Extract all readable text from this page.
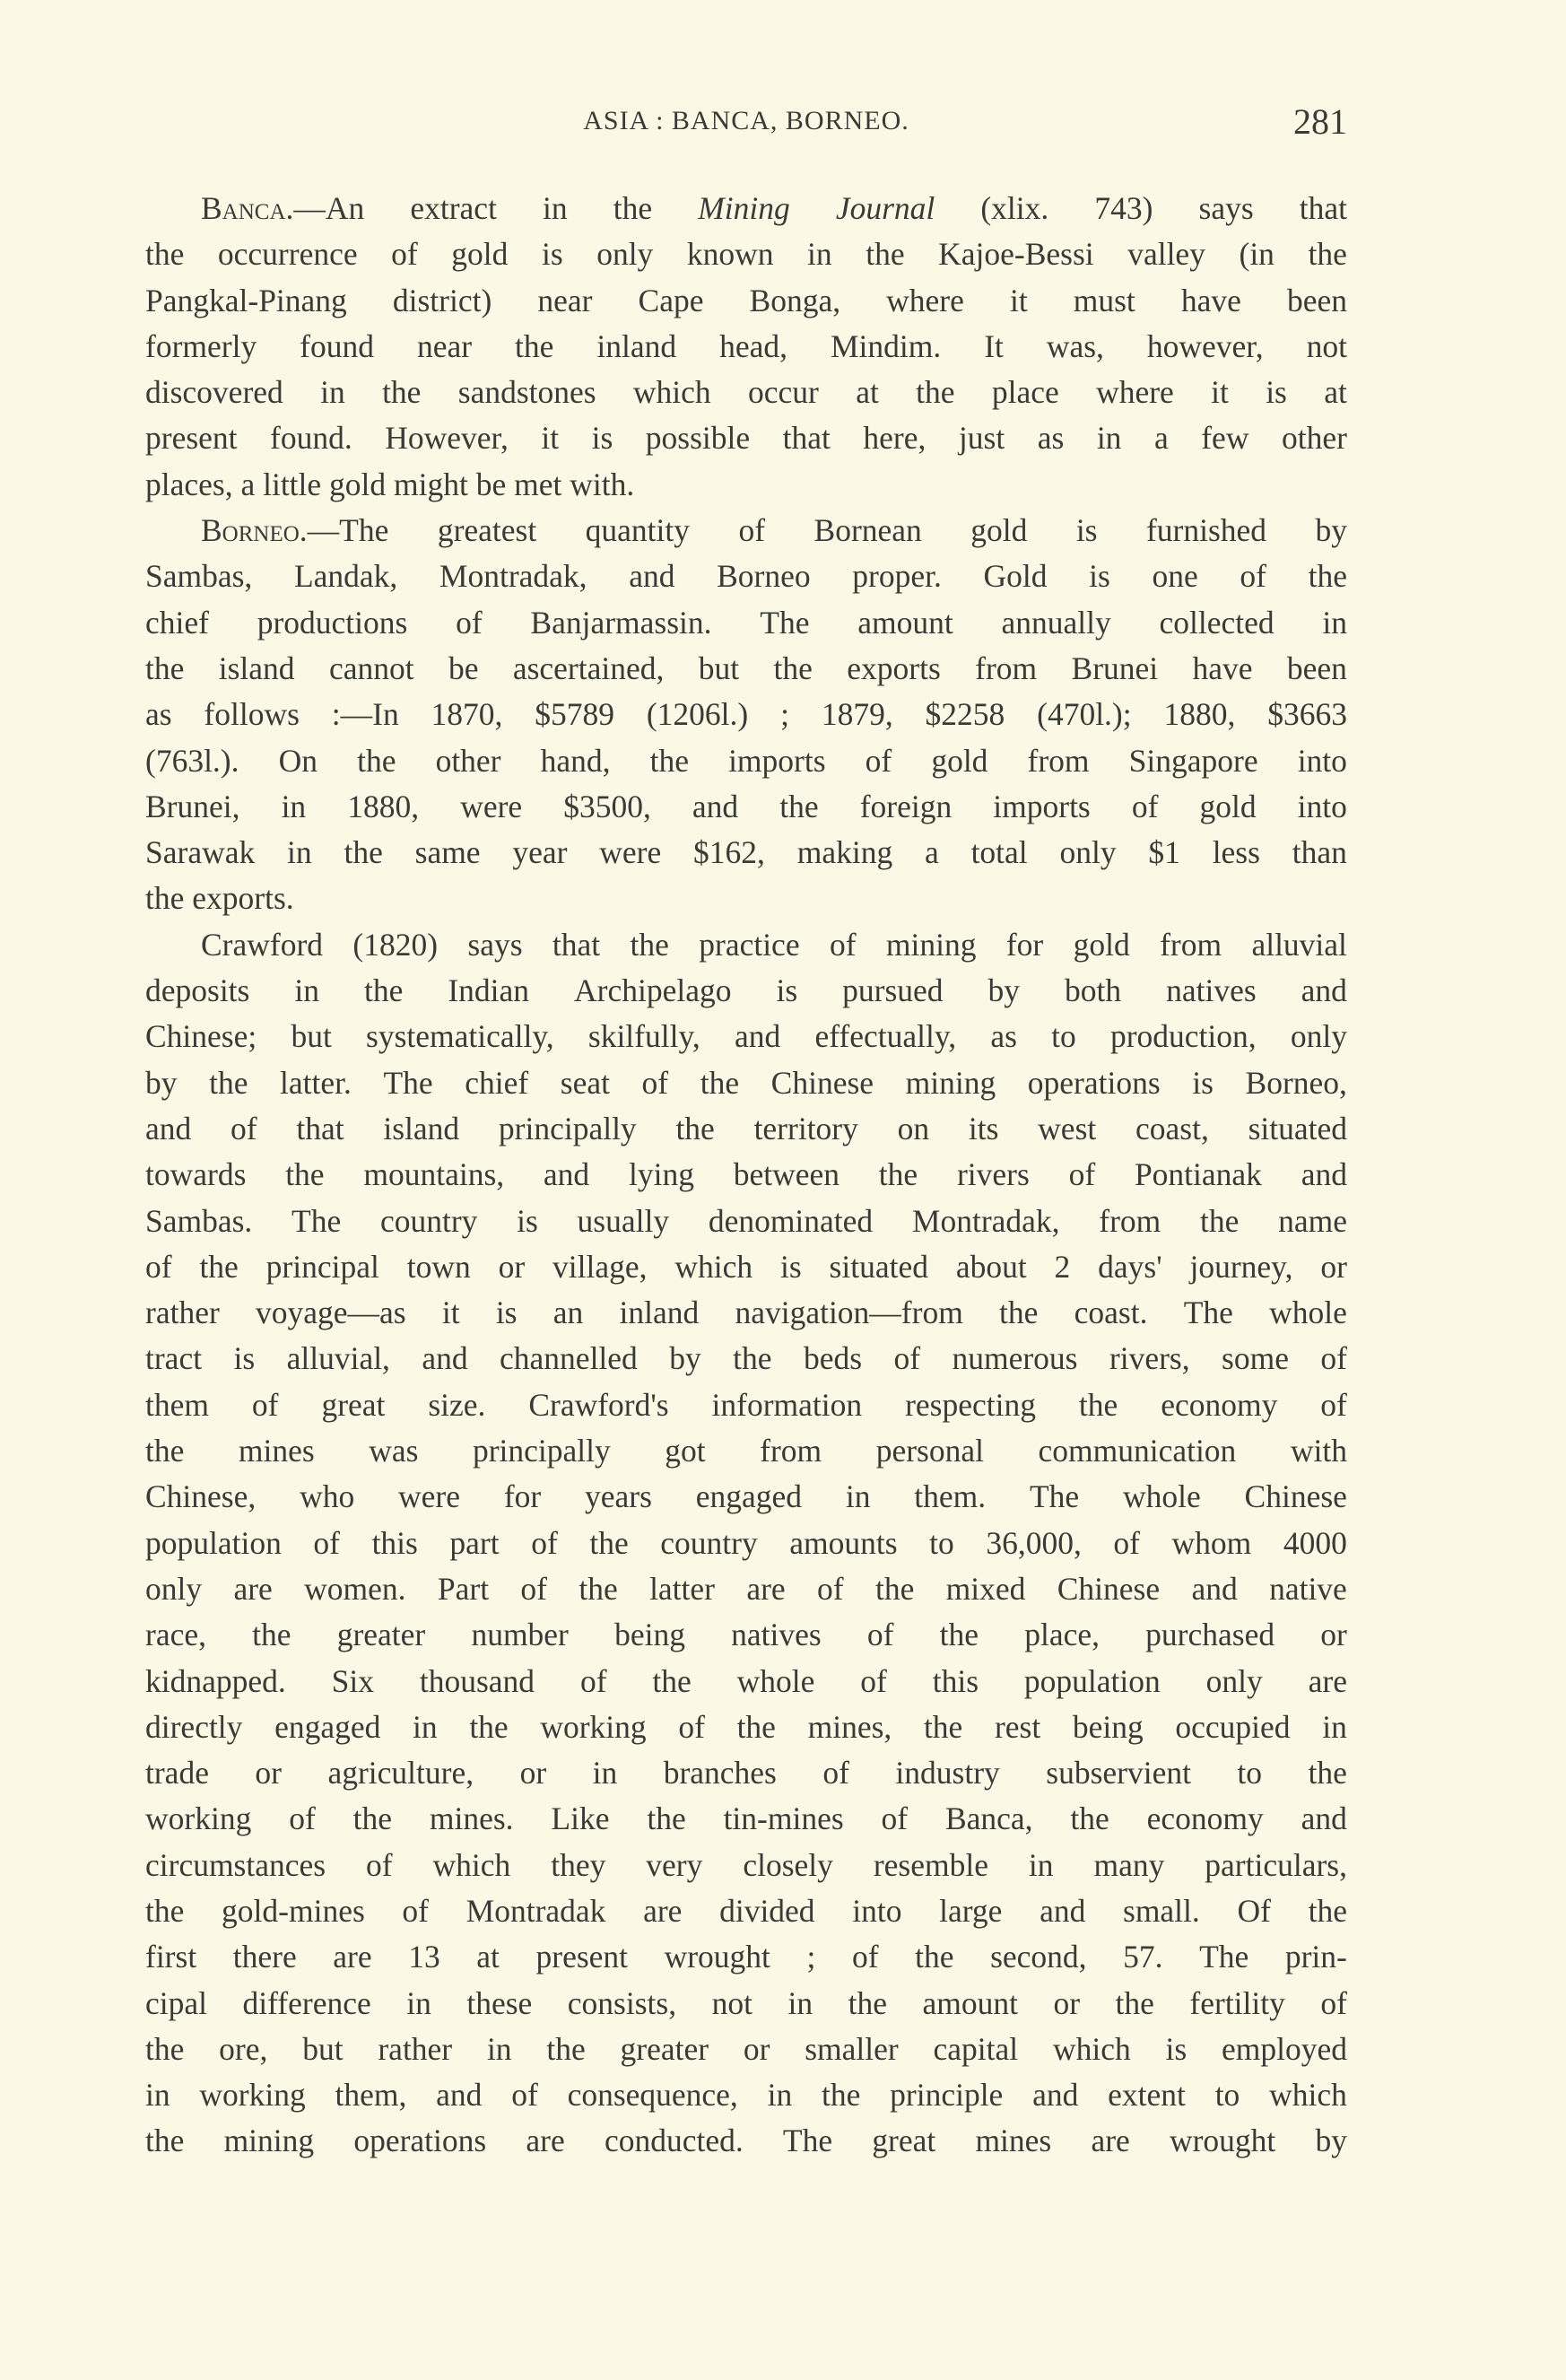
ASIA : BANCA, BORNEO.	281
Banca.—An extract in the Mining Journal (xlix. 743) says that
the occurrence of gold is only known in the Kajoe-Bessi valley (in the
Pangkal-Pinang district) near Cape Bonga, where it must have been
formerly found near the inland head, Mindim. It was, however, not
discovered in the sandstones which occur at the place where it is at
present found. However, it is possible that here, just as in a few other
places, a little gold might be met with.
Borneo.—The greatest quantity of Bornean gold is furnished by
Sambas, Landak, Montradak, and Borneo proper. Gold is one of the
chief productions of Banjarmassin. The amount annually collected in
the island cannot be ascertained, but the exports from Brunei have been
as follows :—In 1870, $5789 (1206l.) ; 1879, $2258 (470l.); 1880, $3663
(763l.). On the other hand, the imports of gold from Singapore into
Brunei, in 1880, were $3500, and the foreign imports of gold into
Sarawak in the same year were $162, making a total only $1 less than
the exports.
Crawford (1820) says that the practice of mining for gold from alluvial
deposits in the Indian Archipelago is pursued by both natives and
Chinese; but systematically, skilfully, and effectually, as to production, only
by the latter. The chief seat of the Chinese mining operations is Borneo,
and of that island principally the territory on its west coast, situated
towards the mountains, and lying between the rivers of Pontianak and
Sambas. The country is usually denominated Montradak, from the name
of the principal town or village, which is situated about 2 days' journey, or
rather voyage—as it is an inland navigation—from the coast. The whole
tract is alluvial, and channelled by the beds of numerous rivers, some of
them of great size. Crawford's information respecting the economy of
the mines was principally got from personal communication with
Chinese, who were for years engaged in them. The whole Chinese
population of this part of the country amounts to 36,000, of whom 4000
only are women. Part of the latter are of the mixed Chinese and native
race, the greater number being natives of the place, purchased or
kidnapped. Six thousand of the whole of this population only are
directly engaged in the working of the mines, the rest being occupied in
trade or agriculture, or in branches of industry subservient to the
working of the mines. Like the tin-mines of Banca, the economy and
circumstances of which they very closely resemble in many particulars,
the gold-mines of Montradak are divided into large and small. Of the
first there are 13 at present wrought ; of the second, 57. The prin-
cipal difference in these consists, not in the amount or the fertility of
the ore, but rather in the greater or smaller capital which is employed
in working them, and of consequence, in the principle and extent to which
the mining operations are conducted. The great mines are wrought by
